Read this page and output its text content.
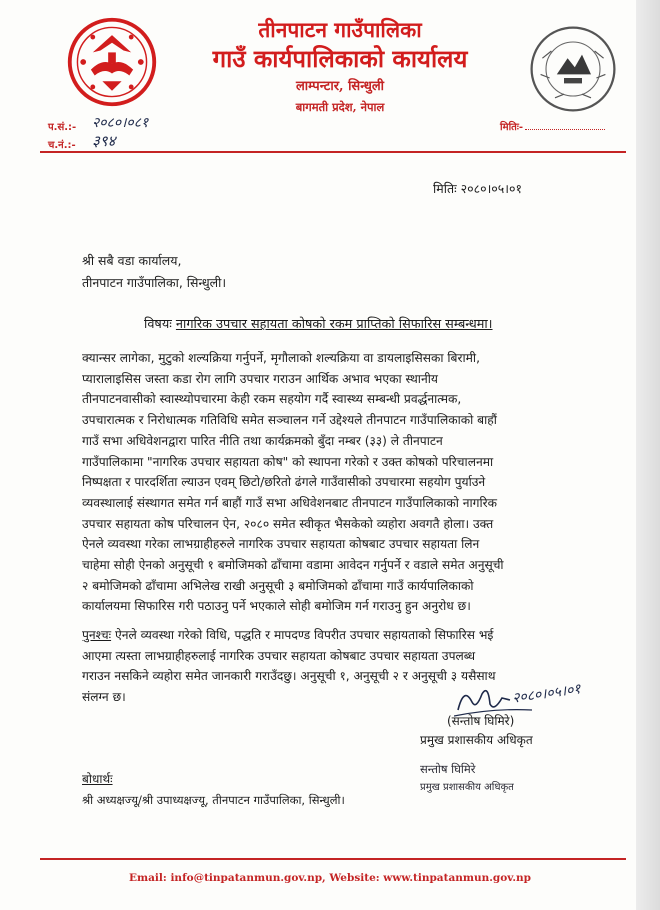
तीनपाटन गाउँपालिका
गाउँ कार्यपालिकाको कार्यालय
लाम्पन्टार, सिन्धुली
बागमती प्रदेश, नेपाल
प.सं.:- २०८०।०८१
च.नं.:- ३९४
मितिः-
मितिः २०८०।०५।०१
श्री सबै वडा कार्यालय,
तीनपाटन गाउँपालिका, सिन्धुली।
विषयः नागरिक उपचार सहायता कोषको रकम प्राप्तिको सिफारिस सम्बन्धमा।
क्यान्सर लागेका, मुटुको शल्यक्रिया गर्नुपर्ने, मृगौलाको शल्यक्रिया वा डायलाइसिसका बिरामी,
प्यारालाइसिस जस्ता कडा रोग लागि उपचार गराउन आर्थिक अभाव भएका स्थानीय
तीनपाटनवासीको स्वास्थ्योपचारमा केही रकम सहयोग गर्दै स्वास्थ्य सम्बन्धी प्रवर्द्धनात्मक,
उपचारात्मक र निरोधात्मक गतिविधि समेत सञ्चालन गर्ने उद्देश्यले तीनपाटन गाउँपालिकाको बाहौं
गाउँ सभा अधिवेशनद्वारा पारित नीति तथा कार्यक्रमको बुँदा नम्बर (३३) ले तीनपाटन
गाउँपालिकामा "नागरिक उपचार सहायता कोष" को स्थापना गरेको र उक्त कोषको परिचालनमा
निष्पक्षता र पारदर्शिता ल्याउन एवम् छिटो/छरितो ढंगले गाउँवासीको उपचारमा सहयोग पुर्याउने
व्यवस्थालाई संस्थागत समेत गर्न बाहौं गाउँ सभा अधिवेशनबाट तीनपाटन गाउँपालिकाको नागरिक
उपचार सहायता कोष परिचालन ऐन, २०८० समेत स्वीकृत भैसकेको व्यहोरा अवगतै होला। उक्त
ऐनले व्यवस्था गरेका लाभग्राहीहरुले नागरिक उपचार सहायता कोषबाट उपचार सहायता लिन
चाहेमा सोही ऐनको अनुसूची १ बमोजिमको ढाँचामा वडामा आवेदन गर्नुपर्ने र वडाले समेत अनुसूची
२ बमोजिमको ढाँचामा अभिलेख राखी अनुसूची ३ बमोजिमको ढाँचामा गाउँ कार्यपालिकाको
कार्यालयमा सिफारिस गरी पठाउनु पर्ने भएकाले सोही बमोजिम गर्न गराउनु हुन अनुरोध छ।
पुनश्चः ऐनले व्यवस्था गरेको विधि, पद्धति र मापदण्ड विपरीत उपचार सहायताको सिफारिस भई
आएमा त्यस्ता लाभग्राहीहरुलाई नागरिक उपचार सहायता कोषबाट उपचार सहायता उपलब्ध
गराउन नसकिने व्यहोरा समेत जानकारी गराउँदछु। अनुसूची १, अनुसूची २ र अनुसूची ३ यसैसाथ
संलग्न छ।	२०८०।०५।०१
(सन्तोष घिमिरे)
प्रमुख प्रशासकीय अधिकृत
सन्तोष घिमिरे
प्रमुख प्रशासकीय अधिकृत
बोधार्थः
श्री अध्यक्षज्यू/श्री उपाध्यक्षज्यू, तीनपाटन गाउँपालिका, सिन्धुली।
Email: info@tinpatanmun.gov.np, Website: www.tinpatanmun.gov.np
